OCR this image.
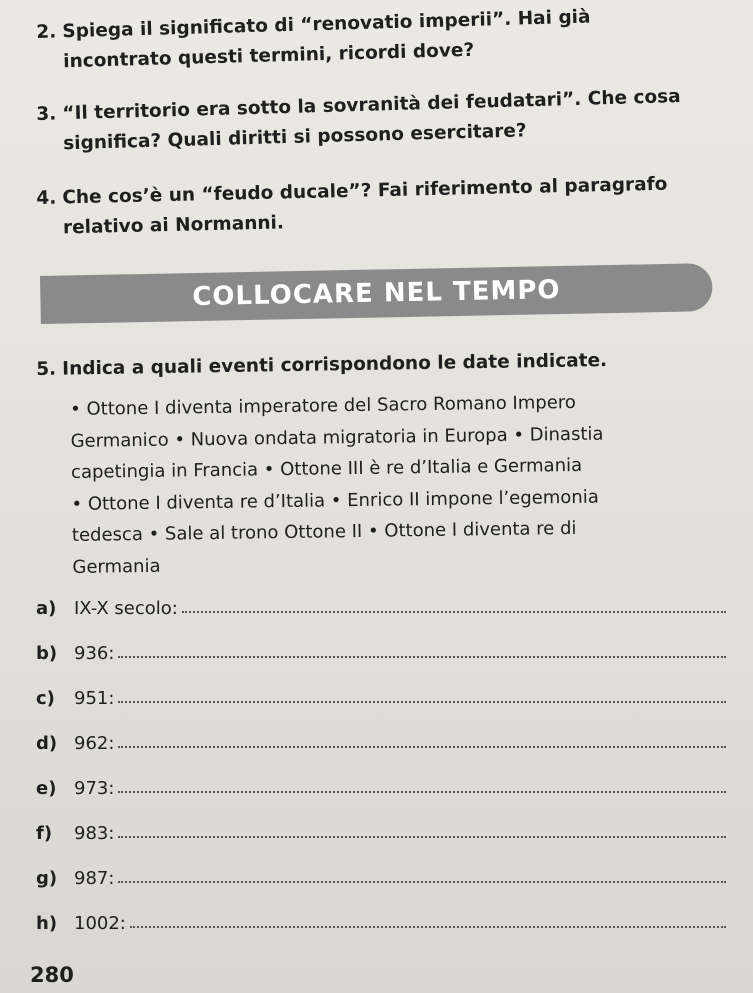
2. Spiega il significato di “renovatio imperii”. Hai già
incontrato questi termini, ricordi dove?
3. “Il territorio era sotto la sovranità dei feudatari”. Che cosa
significa? Quali diritti si possono esercitare?
4. Che cos’è un “feudo ducale”? Fai riferimento al paragrafo
relativo ai Normanni.
COLLOCARE NEL TEMPO
5. Indica a quali eventi corrispondono le date indicate.
• Ottone I diventa imperatore del Sacro Romano Impero
Germanico • Nuova ondata migratoria in Europa • Dinastia
capetingia in Francia • Ottone III è re d’Italia e Germania
• Ottone I diventa re d’Italia • Enrico II impone l’egemonia
tedesca • Sale al trono Ottone II • Ottone I diventa re di
Germania
a) IX-X secolo:
b) 936:
c)	951:
d) 962:
e) 973:
f)	983:
g) 987:
h) 1002:
280
